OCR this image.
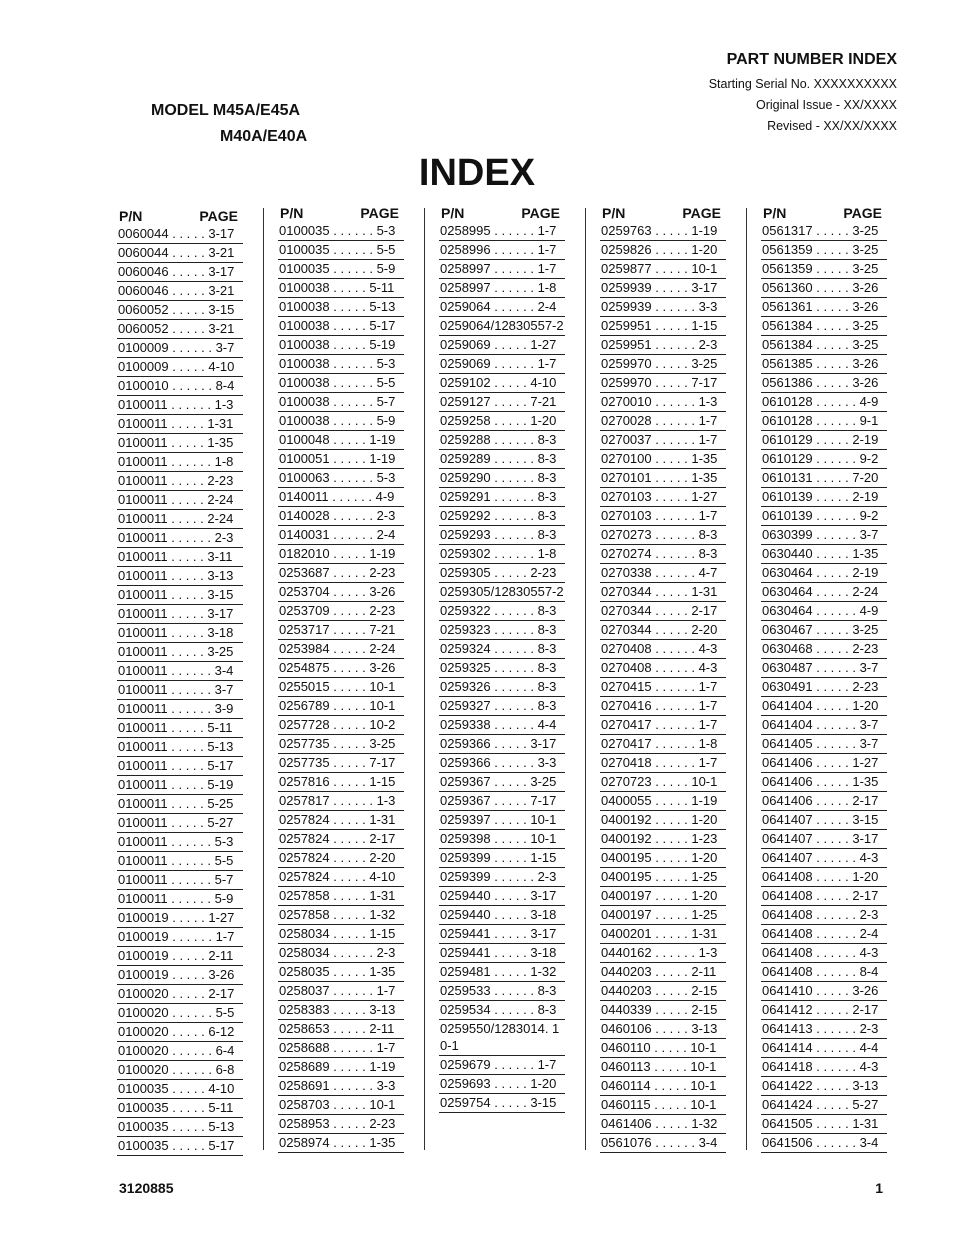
PART NUMBER INDEX
Starting Serial No. XXXXXXXXXX
Original Issue - XX/XXXX
Revised - XX/XX/XXXX
MODEL M45A/E45A
M40A/E40A
INDEX
P/N	PAGE
0060044 . . . . . 3-17
0060044 . . . . . 3-21
0060046 . . . . . 3-17
0060046 . . . . . 3-21
0060052 . . . . . 3-15
0060052 . . . . . 3-21
0100009 . . . . . . 3-7
0100009 . . . . . 4-10
0100010 . . . . . . 8-4
0100011 . . . . . . 1-3
0100011 . . . . . 1-31
0100011 . . . . . 1-35
0100011 . . . . . . 1-8
0100011 . . . . . 2-23
0100011 . . . . . 2-24
0100011 . . . . . 2-24
0100011 . . . . . . 2-3
0100011 . . . . . 3-11
0100011 . . . . . 3-13
0100011 . . . . . 3-15
0100011 . . . . . 3-17
0100011 . . . . . 3-18
0100011 . . . . . 3-25
0100011 . . . . . . 3-4
0100011 . . . . . . 3-7
0100011 . . . . . . 3-9
0100011 . . . . . 5-11
0100011 . . . . . 5-13
0100011 . . . . . 5-17
0100011 . . . . . 5-19
0100011 . . . . . 5-25
0100011 . . . . . 5-27
0100011 . . . . . . 5-3
0100011 . . . . . . 5-5
0100011 . . . . . . 5-7
0100011 . . . . . . 5-9
0100019 . . . . . 1-27
0100019 . . . . . . 1-7
0100019 . . . . . 2-11
0100019 . . . . . 3-26
0100020 . . . . . 2-17
0100020 . . . . . . 5-5
0100020 . . . . . 6-12
0100020 . . . . . . 6-4
0100020 . . . . . . 6-8
0100035 . . . . . 4-10
0100035 . . . . . 5-11
0100035 . . . . . 5-13
0100035 . . . . . 5-17
P/N	PAGE
0100035 . . . . . . 5-3
0100035 . . . . . . 5-5
0100035 . . . . . . 5-9
0100038 . . . . . 5-11
0100038 . . . . . 5-13
0100038 . . . . . 5-17
0100038 . . . . . 5-19
0100038 . . . . . . 5-3
0100038 . . . . . . 5-5
0100038 . . . . . . 5-7
0100038 . . . . . . 5-9
0100048 . . . . . 1-19
0100051 . . . . . 1-19
0100063 . . . . . . 5-3
0140011 . . . . . . 4-9
0140028 . . . . . . 2-3
0140031 . . . . . . 2-4
0182010 . . . . . 1-19
0253687 . . . . . 2-23
0253704 . . . . . 3-26
0253709 . . . . . 2-23
0253717 . . . . . 7-21
0253984 . . . . . 2-24
0254875 . . . . . 3-26
0255015 . . . . . 10-1
0256789 . . . . . 10-1
0257728 . . . . . 10-2
0257735 . . . . . 3-25
0257735 . . . . . 7-17
0257816 . . . . . 1-15
0257817 . . . . . . 1-3
0257824 . . . . . 1-31
0257824 . . . . . 2-17
0257824 . . . . . 2-20
0257824 . . . . . 4-10
0257858 . . . . . 1-31
0257858 . . . . . 1-32
0258034 . . . . . 1-15
0258034 . . . . . . 2-3
0258035 . . . . . 1-35
0258037 . . . . . . 1-7
0258383 . . . . . 3-13
0258653 . . . . . 2-11
0258688 . . . . . . 1-7
0258689 . . . . . 1-19
0258691 . . . . . . 3-3
0258703 . . . . . 10-1
0258953 . . . . . 2-23
0258974 . . . . . 1-35
P/N	PAGE
0258995 . . . . . . 1-7
0258996 . . . . . . 1-7
0258997 . . . . . . 1-7
0258997 . . . . . . 1-8
0259064 . . . . . . 2-4
0259064/12830557-2
0259069 . . . . . 1-27
0259069 . . . . . . 1-7
0259102 . . . . . 4-10
0259127 . . . . . 7-21
0259258 . . . . . 1-20
0259288 . . . . . . 8-3
0259289 . . . . . . 8-3
0259290 . . . . . . 8-3
0259291 . . . . . . 8-3
0259292 . . . . . . 8-3
0259293 . . . . . . 8-3
0259302 . . . . . . 1-8
0259305 . . . . . 2-23
0259305/12830557-2
0259322 . . . . . . 8-3
0259323 . . . . . . 8-3
0259324 . . . . . . 8-3
0259325 . . . . . . 8-3
0259326 . . . . . . 8-3
0259327 . . . . . . 8-3
0259338 . . . . . . 4-4
0259366 . . . . . 3-17
0259366 . . . . . . 3-3
0259367 . . . . . 3-25
0259367 . . . . . 7-17
0259397 . . . . . 10-1
0259398 . . . . . 10-1
0259399 . . . . . 1-15
0259399 . . . . . . 2-3
0259440 . . . . . 3-17
0259440 . . . . . 3-18
0259441 . . . . . 3-17
0259441 . . . . . 3-18
0259481 . . . . . 1-32
0259533 . . . . . . 8-3
0259534 . . . . . . 8-3
0259550/1283014. 10-1
0259679 . . . . . . 1-7
0259693 . . . . . 1-20
0259754 . . . . . 3-15
P/N	PAGE
0259763 . . . . . 1-19
0259826 . . . . . 1-20
0259877 . . . . . 10-1
0259939 . . . . . 3-17
0259939 . . . . . . 3-3
0259951 . . . . . 1-15
0259951 . . . . . . 2-3
0259970 . . . . . 3-25
0259970 . . . . . 7-17
0270010 . . . . . . 1-3
0270028 . . . . . . 1-7
0270037 . . . . . . 1-7
0270100 . . . . . 1-35
0270101 . . . . . 1-35
0270103 . . . . . 1-27
0270103 . . . . . . 1-7
0270273 . . . . . . 8-3
0270274 . . . . . . 8-3
0270338 . . . . . . 4-7
0270344 . . . . . 1-31
0270344 . . . . . 2-17
0270344 . . . . . 2-20
0270408 . . . . . . 4-3
0270408 . . . . . . 4-3
0270415 . . . . . . 1-7
0270416 . . . . . . 1-7
0270417 . . . . . . 1-7
0270417 . . . . . . 1-8
0270418 . . . . . . 1-7
0270723 . . . . . 10-1
0400055 . . . . . 1-19
0400192 . . . . . 1-20
0400192 . . . . . 1-23
0400195 . . . . . 1-20
0400195 . . . . . 1-25
0400197 . . . . . 1-20
0400197 . . . . . 1-25
0400201 . . . . . 1-31
0440162 . . . . . . 1-3
0440203 . . . . . 2-11
0440203 . . . . . 2-15
0440339 . . . . . 2-15
0460106 . . . . . 3-13
0460110 . . . . . 10-1
0460113 . . . . . 10-1
0460114 . . . . . 10-1
0460115 . . . . . 10-1
0461406 . . . . . 1-32
0561076 . . . . . . 3-4
P/N	PAGE
0561317 . . . . . 3-25
0561359 . . . . . 3-25
0561359 . . . . . 3-25
0561360 . . . . . 3-26
0561361 . . . . . 3-26
0561384 . . . . . 3-25
0561384 . . . . . 3-25
0561385 . . . . . 3-26
0561386 . . . . . 3-26
0610128 . . . . . . 4-9
0610128 . . . . . . 9-1
0610129 . . . . . 2-19
0610129 . . . . . . 9-2
0610131 . . . . . 7-20
0610139 . . . . . 2-19
0610139 . . . . . . 9-2
0630399 . . . . . . 3-7
0630440 . . . . . 1-35
0630464 . . . . . 2-19
0630464 . . . . . 2-24
0630464 . . . . . . 4-9
0630467 . . . . . 3-25
0630468 . . . . . 2-23
0630487 . . . . . . 3-7
0630491 . . . . . 2-23
0641404 . . . . . 1-20
0641404 . . . . . . 3-7
0641405 . . . . . . 3-7
0641406 . . . . . 1-27
0641406 . . . . . 1-35
0641406 . . . . . 2-17
0641407 . . . . . 3-15
0641407 . . . . . 3-17
0641407 . . . . . . 4-3
0641408 . . . . . 1-20
0641408 . . . . . 2-17
0641408 . . . . . . 2-3
0641408 . . . . . . 2-4
0641408 . . . . . . 4-3
0641408 . . . . . . 8-4
0641410 . . . . . 3-26
0641412 . . . . . 2-17
0641413 . . . . . . 2-3
0641414 . . . . . . 4-4
0641418 . . . . . . 4-3
0641422 . . . . . 3-13
0641424 . . . . . 5-27
0641505 . . . . . 1-31
0641506 . . . . . . 3-4
3120885	1
